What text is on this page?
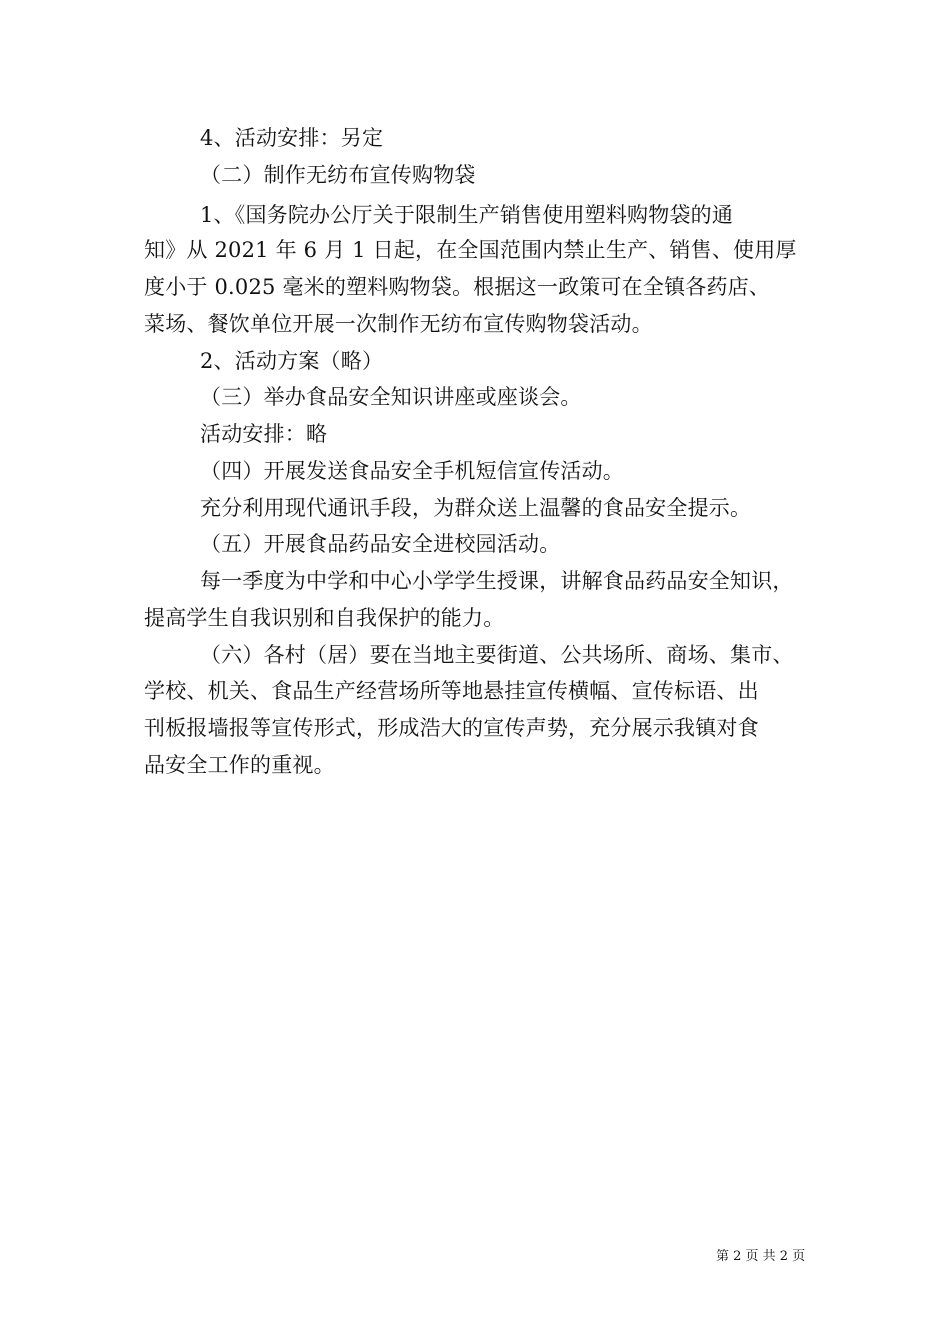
4、活动安排：另定
（二）制作无纺布宣传购物袋
1、《国务院办公厅关于限制生产销售使用塑料购物袋的通
知》从 2021 年 6 月 1 日起，在全国范围内禁止生产、销售、使用厚
度小于 0.025 毫米的塑料购物袋。根据这一政策可在全镇各药店、
菜场、餐饮单位开展一次制作无纺布宣传购物袋活动。
2、活动方案（略）
（三）举办食品安全知识讲座或座谈会。
活动安排：略
（四）开展发送食品安全手机短信宣传活动。
充分利用现代通讯手段，为群众送上温馨的食品安全提示。
（五）开展食品药品安全进校园活动。
每一季度为中学和中心小学学生授课，讲解食品药品安全知识，
提高学生自我识别和自我保护的能力。
（六）各村（居）要在当地主要街道、公共场所、商场、集市、
学校、机关、食品生产经营场所等地悬挂宣传横幅、宣传标语、出
刊板报墙报等宣传形式，形成浩大的宣传声势，充分展示我镇对食
品安全工作的重视。
第 2 页 共 2 页
